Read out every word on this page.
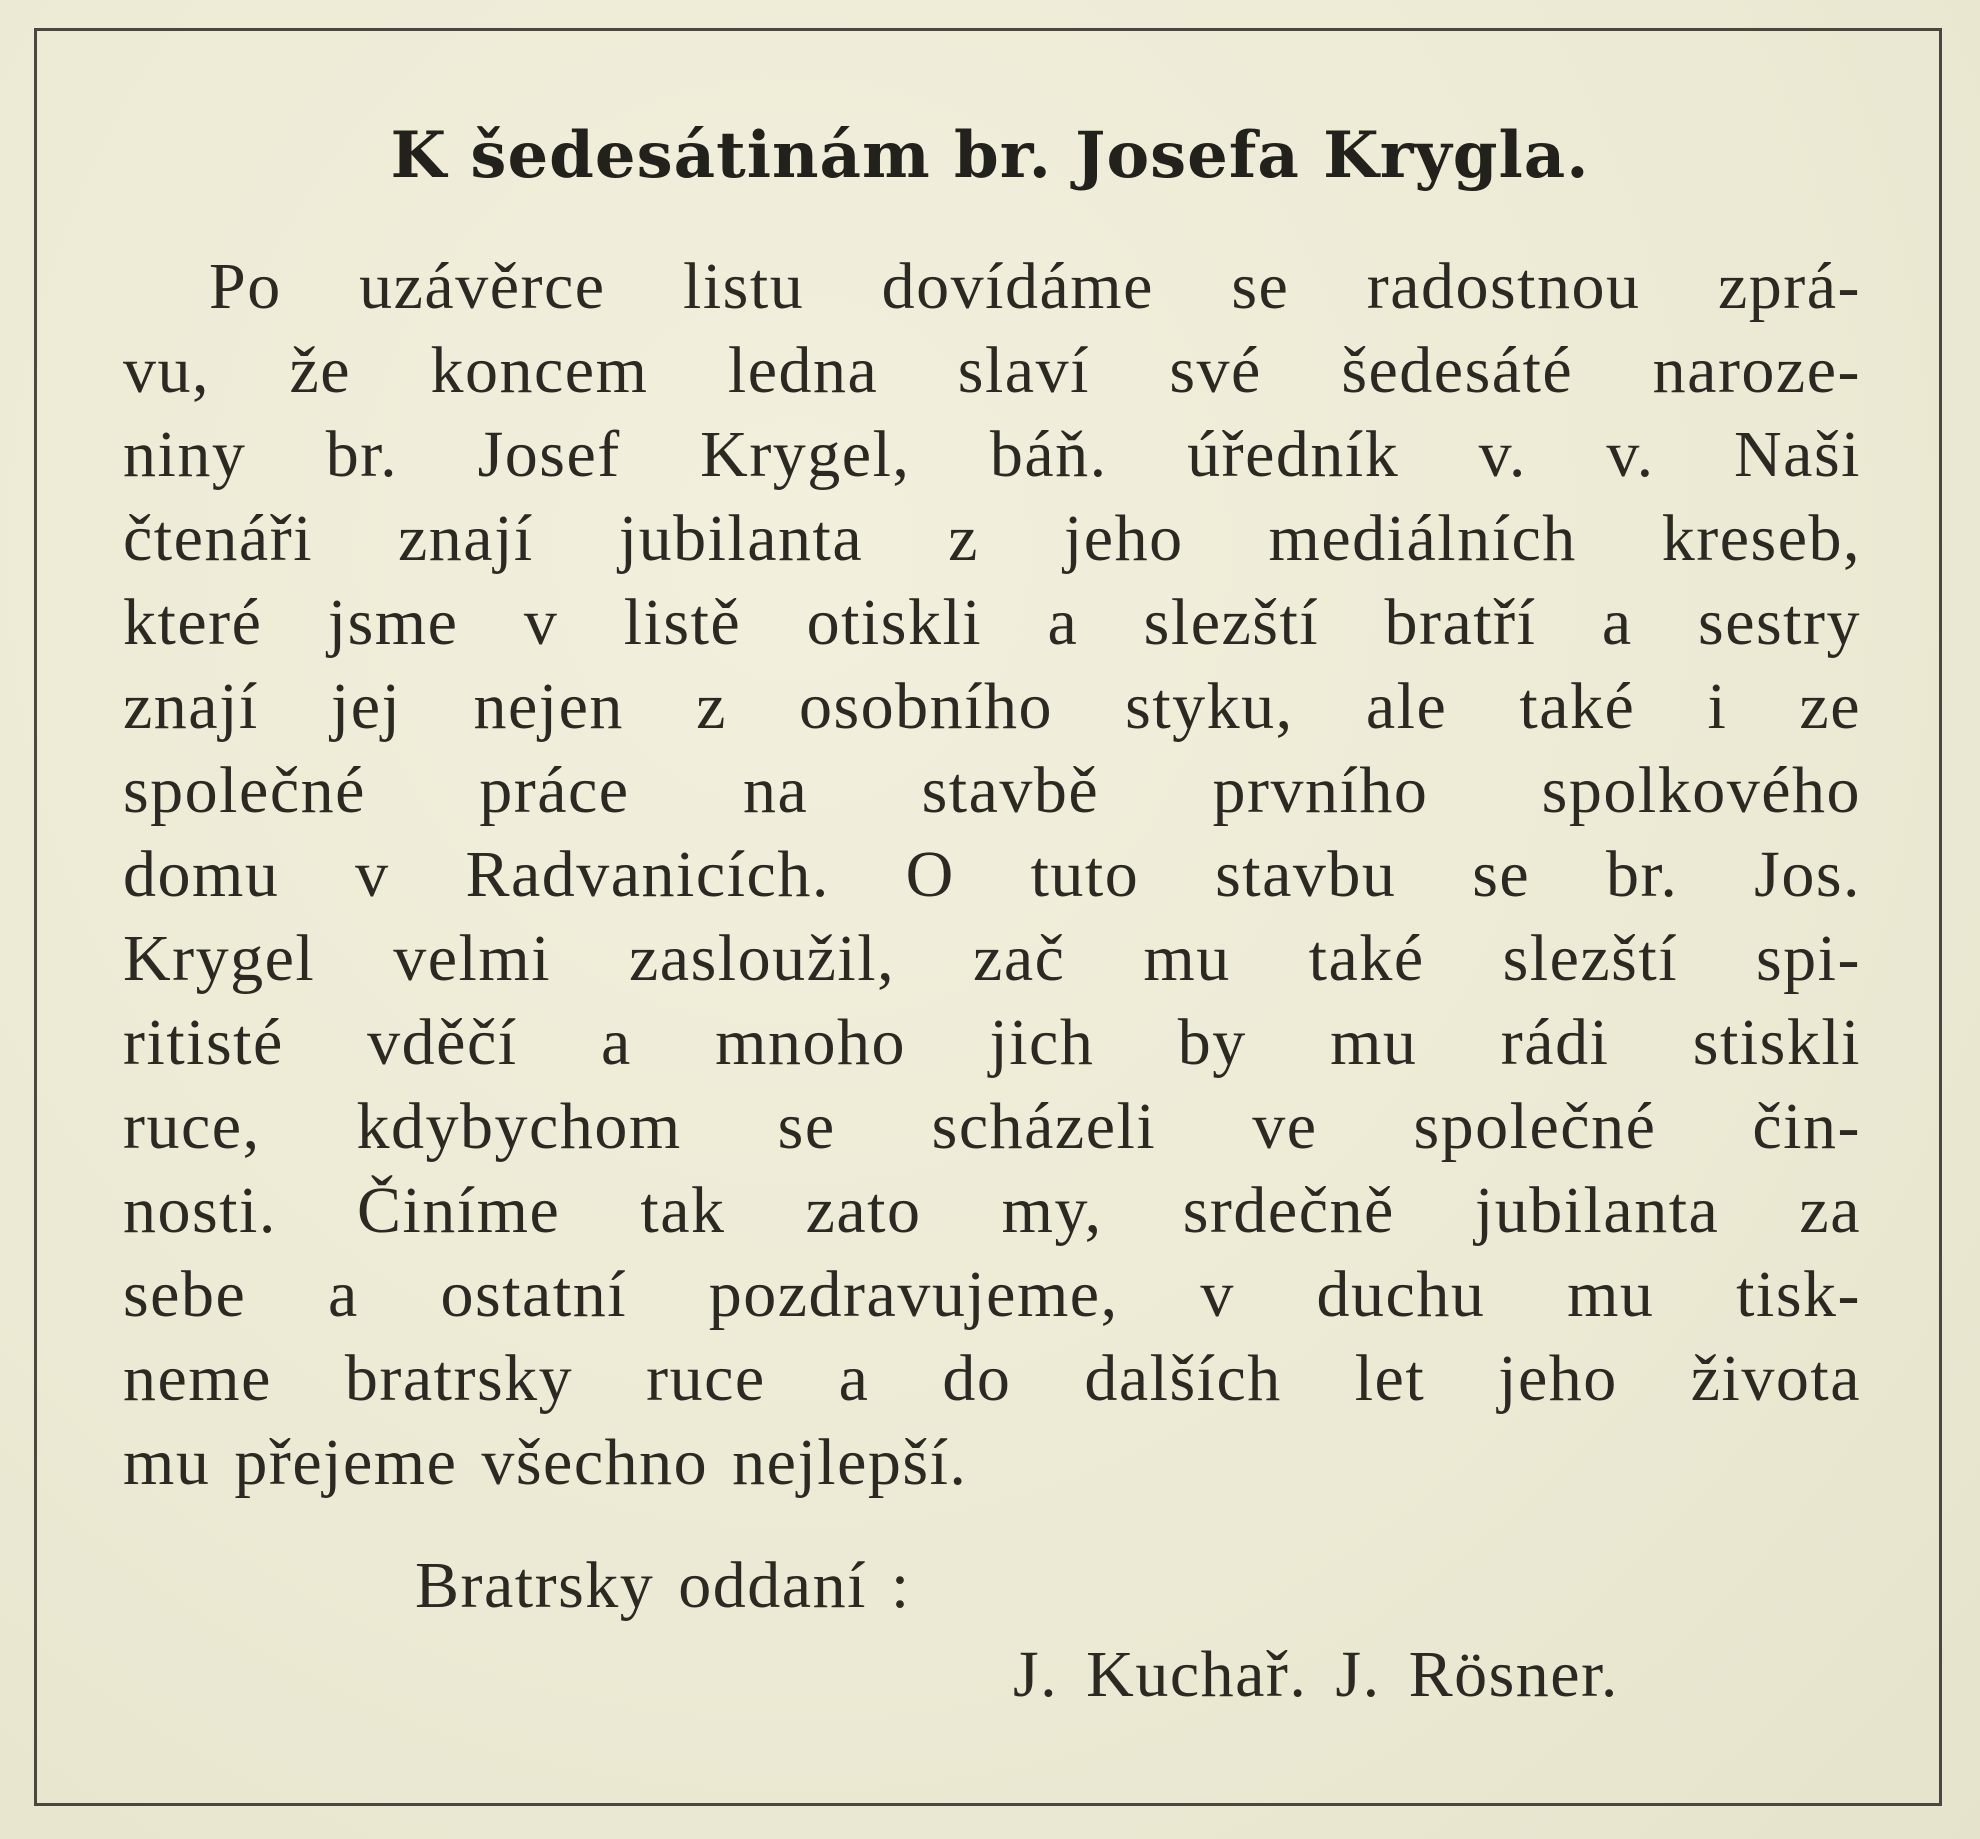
K šedesátinám br. Josefa Krygla.
Po uzávěrce listu dovídáme se radostnou zprá-
vu, že koncem ledna slaví své šedesáté naroze-
niny br. Josef Krygel, báň. úředník v. v. Naši
čtenáři znají jubilanta z jeho mediálních kreseb,
které jsme v listě otiskli a slezští bratří a sestry
znají jej nejen z osobního styku, ale také i ze
společné práce na stavbě prvního spolkového
domu v Radvanicích. O tuto stavbu se br. Jos.
Krygel velmi zasloužil, zač mu také slezští spi-
ritisté vděčí a mnoho jich by mu rádi stiskli
ruce, kdybychom se scházeli ve společné čin-
nosti. Činíme tak zato my, srdečně jubilanta za
sebe a ostatní pozdravujeme, v duchu mu tisk-
neme bratrsky ruce a do dalších let jeho života
mu přejeme všechno nejlepší.
Bratrsky oddaní :
J. Kuchař. J. Rösner.
